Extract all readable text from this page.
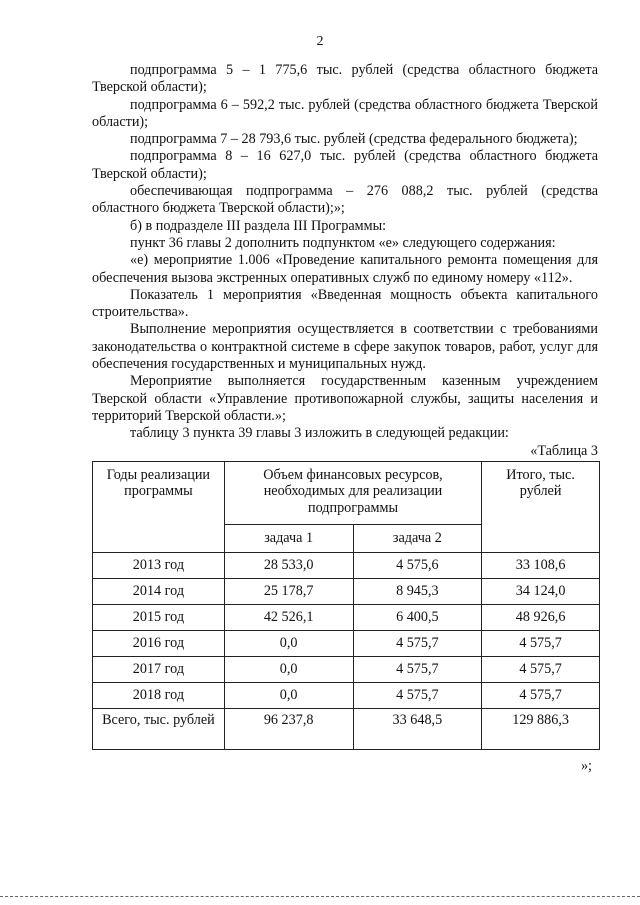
2

подпрограмма 5 – 1 775,6 тыс. рублей (средства областного бюджета Тверской области);

подпрограмма 6 – 592,2 тыс. рублей (средства областного бюджета Тверской области);

подпрограмма 7 – 28 793,6 тыс. рублей (средства федерального бюджета);

подпрограмма 8 – 16 627,0 тыс. рублей (средства областного бюджета Тверской области);

обеспечивающая подпрограмма – 276 088,2 тыс. рублей (средства областного бюджета Тверской области);»;

б) в подразделе III раздела III Программы:

пункт 36 главы 2 дополнить подпунктом «е» следующего содержания:

«е) мероприятие 1.006 «Проведение капитального ремонта помещения для обеспечения вызова экстренных оперативных служб по единому номеру «112».

Показатель 1 мероприятия «Введенная мощность объекта капитального строительства».

Выполнение мероприятия осуществляется в соответствии с требованиями законодательства о контрактной системе в сфере закупок товаров, работ, услуг для обеспечения государственных и муниципальных нужд.

Мероприятие выполняется государственным казенным учреждением Тверской области «Управление противопожарной службы, защиты населения и территорий Тверской области.»;

таблицу 3 пункта 39 главы 3 изложить в следующей редакции:

«Таблица 3
Годы реализации программы	Объем финансовых ресурсов, необходимых для реализации подпрограммы		Итого, тыс. рублей
	задача 1	задача 2	
2013 год	28 533,0	4 575,6	33 108,6
2014 год	25 178,7	8 945,3	34 124,0
2015 год	42 526,1	6 400,5	48 926,6
2016 год	0,0	4 575,7	4 575,7
2017 год	0,0	4 575,7	4 575,7
2018 год	0,0	4 575,7	4 575,7
Всего, тыс. рублей	96 237,8	33 648,5	129 886,3
»;
